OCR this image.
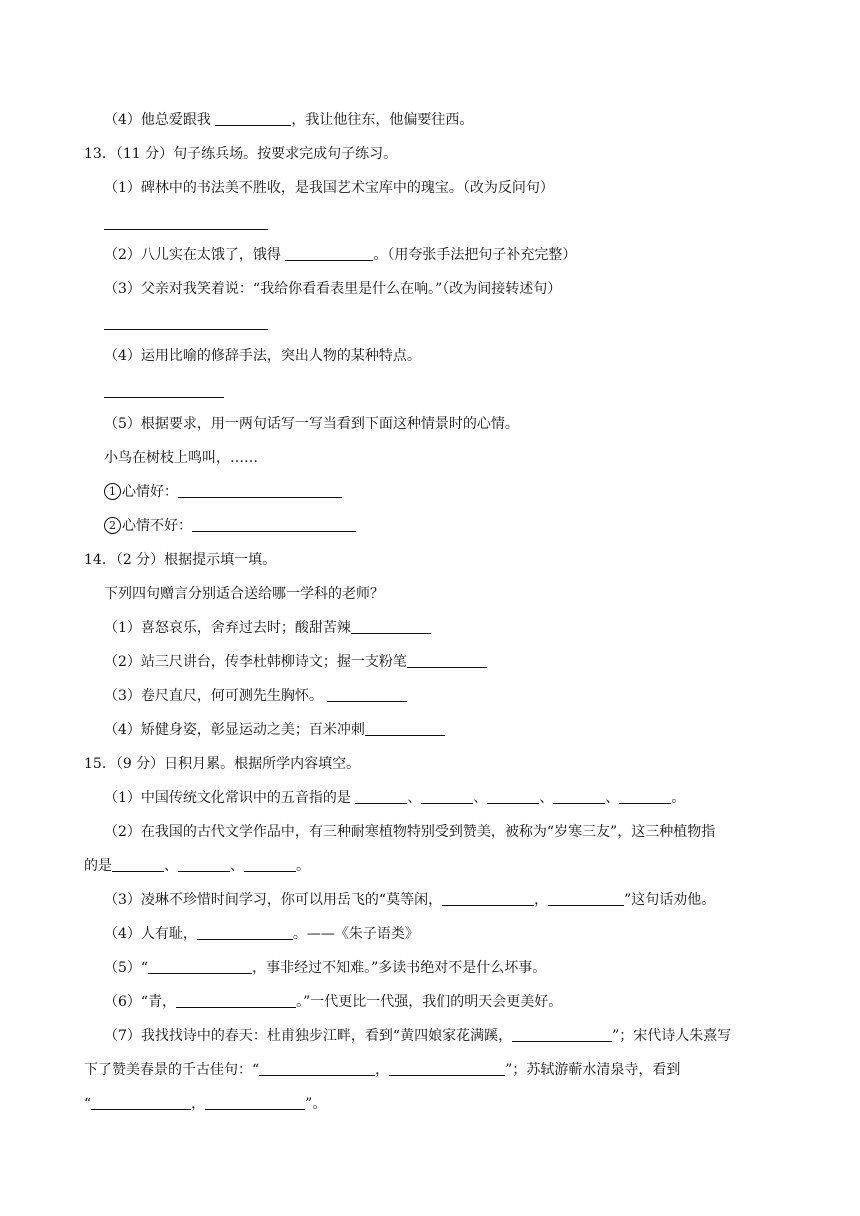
（4）他总爱跟我	，我让他往东，他偏要往西。
13．（11 分）句子练兵场。按要求完成句子练习。
（1）碑林中的书法美不胜收，是我国艺术宝库中的瑰宝。（改为反问句）
（2）八儿实在太饿了，饿得	。（用夸张手法把句子补充完整）
（3）父亲对我笑着说：“我给你看看表里是什么在响。”（改为间接转述句）
（4）运用比喻的修辞手法，突出人物的某种特点。
（5）根据要求，用一两句话写一写当看到下面这种情景时的心情。
小鸟在树枝上鸣叫，……
1 心情好：
2 心情不好：
14．（2 分）根据提示填一填。
下列四句赠言分别适合送给哪一学科的老师？
（1）喜怒哀乐，舍弃过去时；酸甜苦辣
（2）站三尺讲台，传李杜韩柳诗文；握一支粉笔
（3）卷尺直尺，何可测先生胸怀。
（4）矫健身姿，彰显运动之美；百米冲刺
15．（9 分）日积月累。根据所学内容填空。
（1）中国传统文化常识中的五音指的是	、	、	、	、	。
（2）在我国的古代文学作品中，有三种耐寒植物特别受到赞美，被称为“岁寒三友”，这三种植物指
的是	、	、	。
（3）凌琳不珍惜时间学习，你可以用岳飞的“莫等闲，	，	”这句话劝他。
（4）人有耻，	。——《朱子语类》
（5）“	，事非经过不知难。”多读书绝对不是什么坏事。
（6）“青，	。”一代更比一代强，我们的明天会更美好。
（7）我找找诗中的春天：杜甫独步江畔，看到“黄四娘家花满蹊，	”；宋代诗人朱熹写
下了赞美春景的千古佳句：“	，	”；苏轼游蕲水清泉寺，看到
“	，	”。
